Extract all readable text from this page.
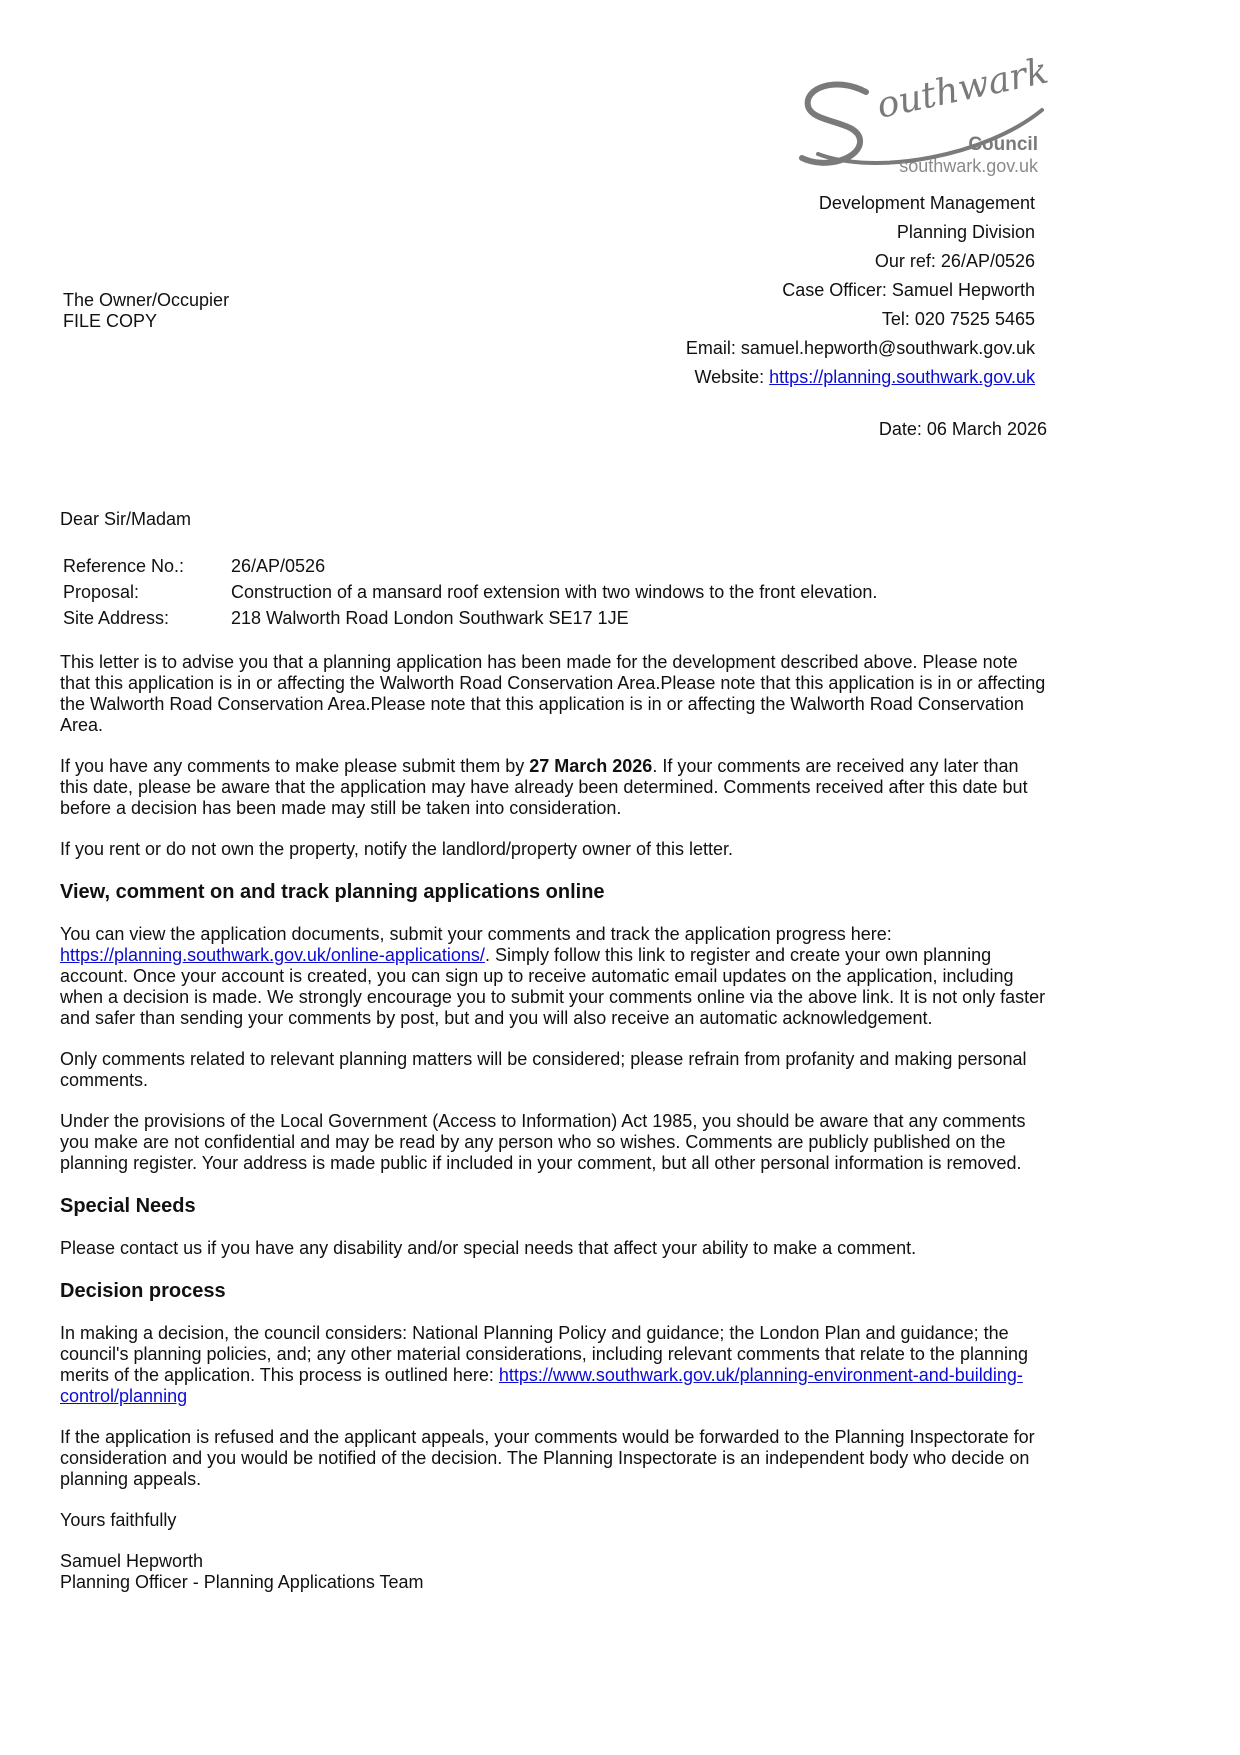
outhwark
Council
southwark.gov.uk
Development Management
Planning Division
Our ref: 26/AP/0526
Case Officer: Samuel Hepworth
Tel: 020 7525 5465
Email: samuel.hepworth@southwark.gov.uk
Website: https://planning.southwark.gov.uk
The Owner/Occupier
FILE COPY
Date: 06 March 2026
Dear Sir/Madam
Reference No.:	26/AP/0526
Proposal:	Construction of a mansard roof extension with two windows to the front elevation.
Site Address:	218 Walworth Road London Southwark SE17 1JE

This letter is to advise you that a planning application has been made for the development described above. Please note that this application is in or affecting the Walworth Road Conservation Area.Please note that this application is in or affecting the Walworth Road Conservation Area.Please note that this application is in or affecting the Walworth Road Conservation Area.

If you have any comments to make please submit them by 27 March 2026. If your comments are received any later than this date, please be aware that the application may have already been determined. Comments received after this date but before a decision has been made may still be taken into consideration.

If you rent or do not own the property, notify the landlord/property owner of this letter.

View, comment on and track planning applications online

You can view the application documents, submit your comments and track the application progress here: https://planning.southwark.gov.uk/online-applications/. Simply follow this link to register and create your own planning account. Once your account is created, you can sign up to receive automatic email updates on the application, including when a decision is made. We strongly encourage you to submit your comments online via the above link. It is not only faster and safer than sending your comments by post, but and you will also receive an automatic acknowledgement.

Only comments related to relevant planning matters will be considered; please refrain from profanity and making personal comments.

Under the provisions of the Local Government (Access to Information) Act 1985, you should be aware that any comments you make are not confidential and may be read by any person who so wishes. Comments are publicly published on the planning register. Your address is made public if included in your comment, but all other personal information is removed.

Special Needs

Please contact us if you have any disability and/or special needs that affect your ability to make a comment.

Decision process

In making a decision, the council considers: National Planning Policy and guidance; the London Plan and guidance; the council's planning policies, and; any other material considerations, including relevant comments that relate to the planning merits of the application. This process is outlined here: https://www.southwark.gov.uk/planning-environment-and-building-control/planning

If the application is refused and the applicant appeals, your comments would be forwarded to the Planning Inspectorate for consideration and you would be notified of the decision. The Planning Inspectorate is an independent body who decide on planning appeals.

Yours faithfully

Samuel Hepworth
Planning Officer - Planning Applications Team
